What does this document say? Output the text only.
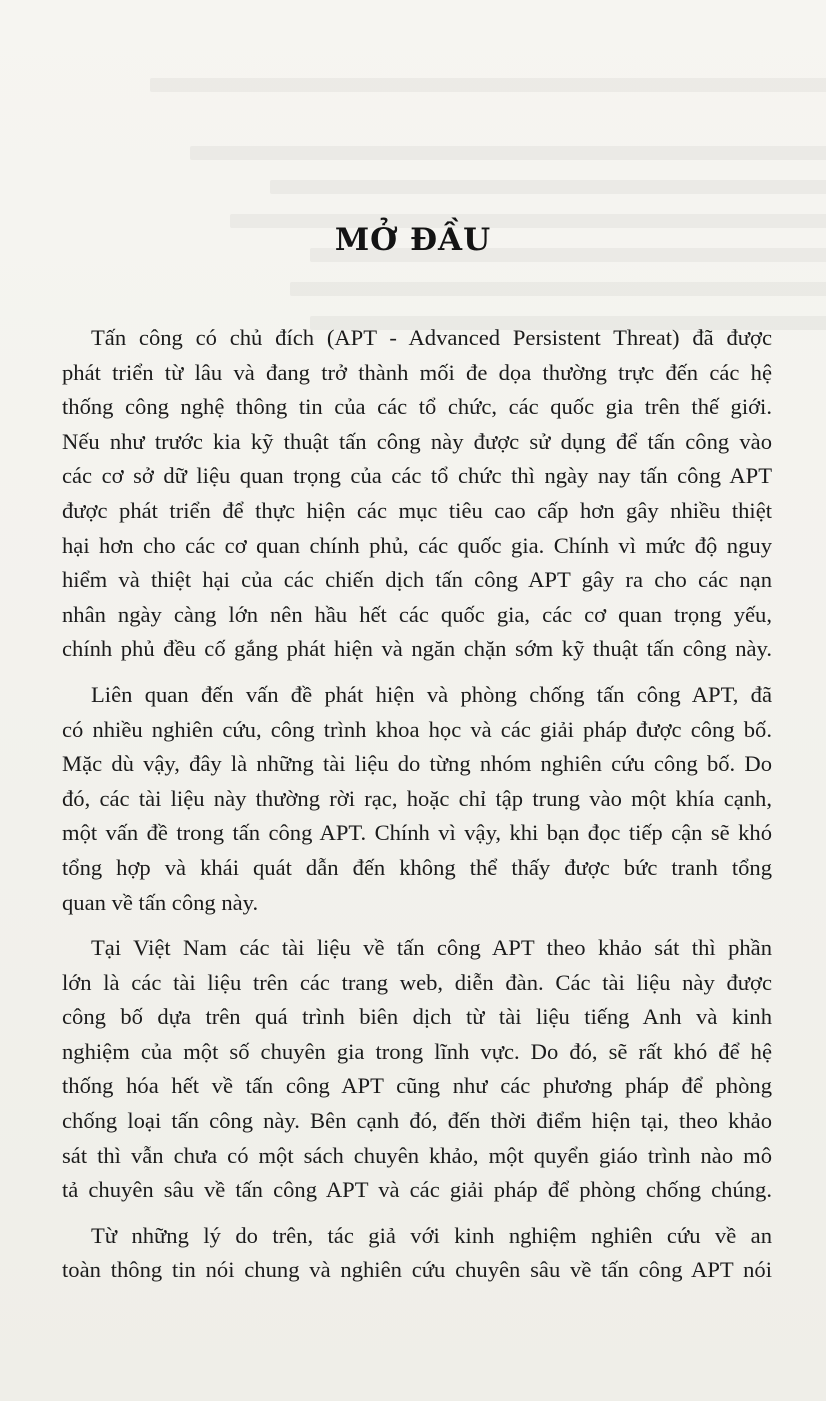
MỞ ĐẦU

Tấn công có chủ đích (APT - Advanced Persistent Threat) đã được
phát triển từ lâu và đang trở thành mối đe dọa thường trực đến các hệ
thống công nghệ thông tin của các tổ chức, các quốc gia trên thế giới.
Nếu như trước kia kỹ thuật tấn công này được sử dụng để tấn công vào
các cơ sở dữ liệu quan trọng của các tổ chức thì ngày nay tấn công APT
được phát triển để thực hiện các mục tiêu cao cấp hơn gây nhiều thiệt
hại hơn cho các cơ quan chính phủ, các quốc gia. Chính vì mức độ nguy
hiểm và thiệt hại của các chiến dịch tấn công APT gây ra cho các nạn
nhân ngày càng lớn nên hầu hết các quốc gia, các cơ quan trọng yếu,
chính phủ đều cố gắng phát hiện và ngăn chặn sớm kỹ thuật tấn công này.

Liên quan đến vấn đề phát hiện và phòng chống tấn công APT, đã
có nhiều nghiên cứu, công trình khoa học và các giải pháp được công bố.
Mặc dù vậy, đây là những tài liệu do từng nhóm nghiên cứu công bố. Do
đó, các tài liệu này thường rời rạc, hoặc chỉ tập trung vào một khía cạnh,
một vấn đề trong tấn công APT. Chính vì vậy, khi bạn đọc tiếp cận sẽ khó
tổng hợp và khái quát dẫn đến không thể thấy được bức tranh tổng
quan về tấn công này.

Tại Việt Nam các tài liệu về tấn công APT theo khảo sát thì phần
lớn là các tài liệu trên các trang web, diễn đàn. Các tài liệu này được
công bố dựa trên quá trình biên dịch từ tài liệu tiếng Anh và kinh
nghiệm của một số chuyên gia trong lĩnh vực. Do đó, sẽ rất khó để hệ
thống hóa hết về tấn công APT cũng như các phương pháp để phòng
chống loại tấn công này. Bên cạnh đó, đến thời điểm hiện tại, theo khảo
sát thì vẫn chưa có một sách chuyên khảo, một quyển giáo trình nào mô
tả chuyên sâu về tấn công APT và các giải pháp để phòng chống chúng.

Từ những lý do trên, tác giả với kinh nghiệm nghiên cứu về an
toàn thông tin nói chung và nghiên cứu chuyên sâu về tấn công APT nói
